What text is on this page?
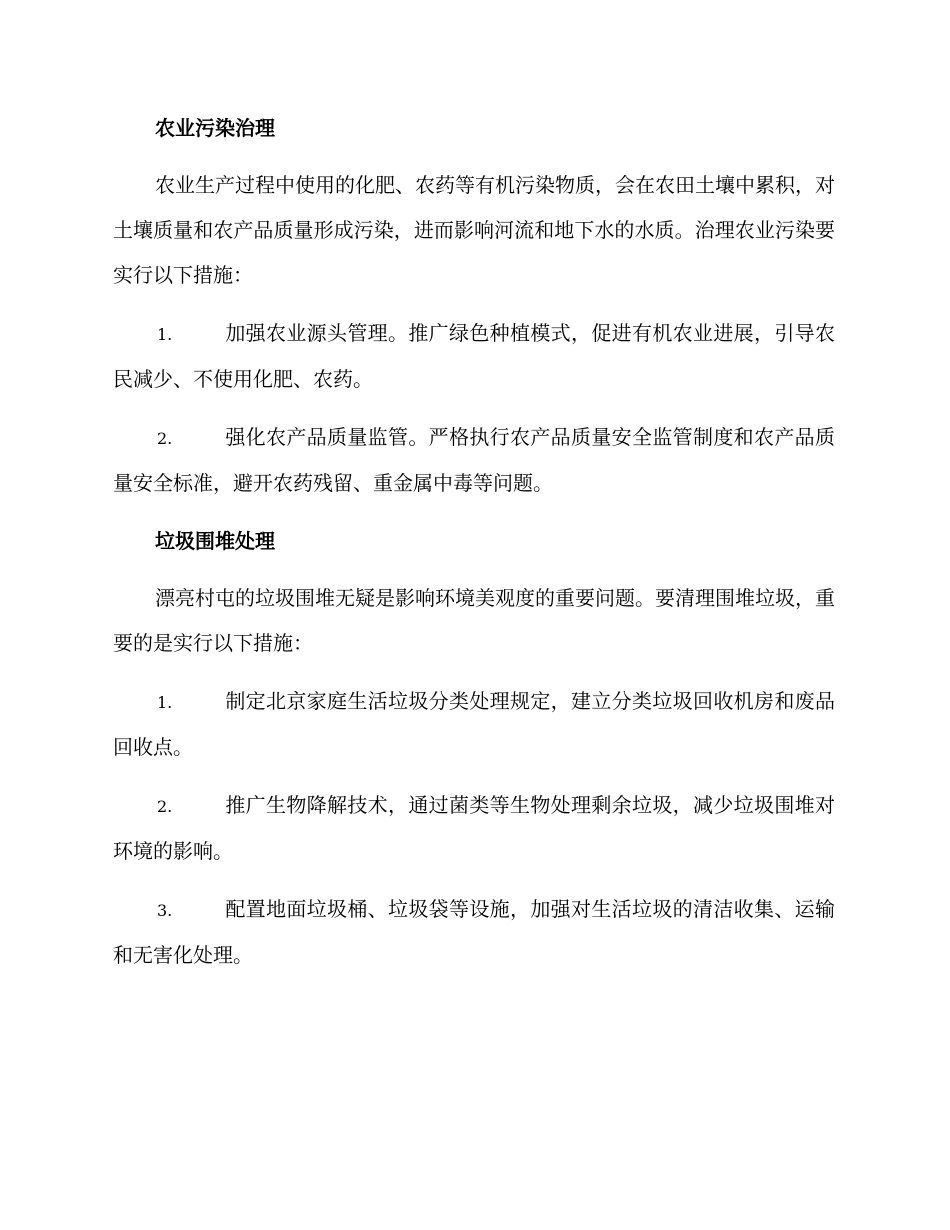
农业污染治理

农业生产过程中使用的化肥、农药等有机污染物质，会在农田土壤中累积，对土壤质量和农产品质量形成污染，进而影响河流和地下水的水质。治理农业污染要实行以下措施：

1.	加强农业源头管理。推广绿色种植模式，促进有机农业进展，引导农民减少、不使用化肥、农药。

2.	强化农产品质量监管。严格执行农产品质量安全监管制度和农产品质量安全标准，避开农药残留、重金属中毒等问题。

垃圾围堆处理

漂亮村屯的垃圾围堆无疑是影响环境美观度的重要问题。要清理围堆垃圾，重要的是实行以下措施：

1.	制定北京家庭生活垃圾分类处理规定，建立分类垃圾回收机房和废品回收点。

2.	推广生物降解技术，通过菌类等生物处理剩余垃圾，减少垃圾围堆对环境的影响。

3.	配置地面垃圾桶、垃圾袋等设施，加强对生活垃圾的清洁收集、运输和无害化处理。
